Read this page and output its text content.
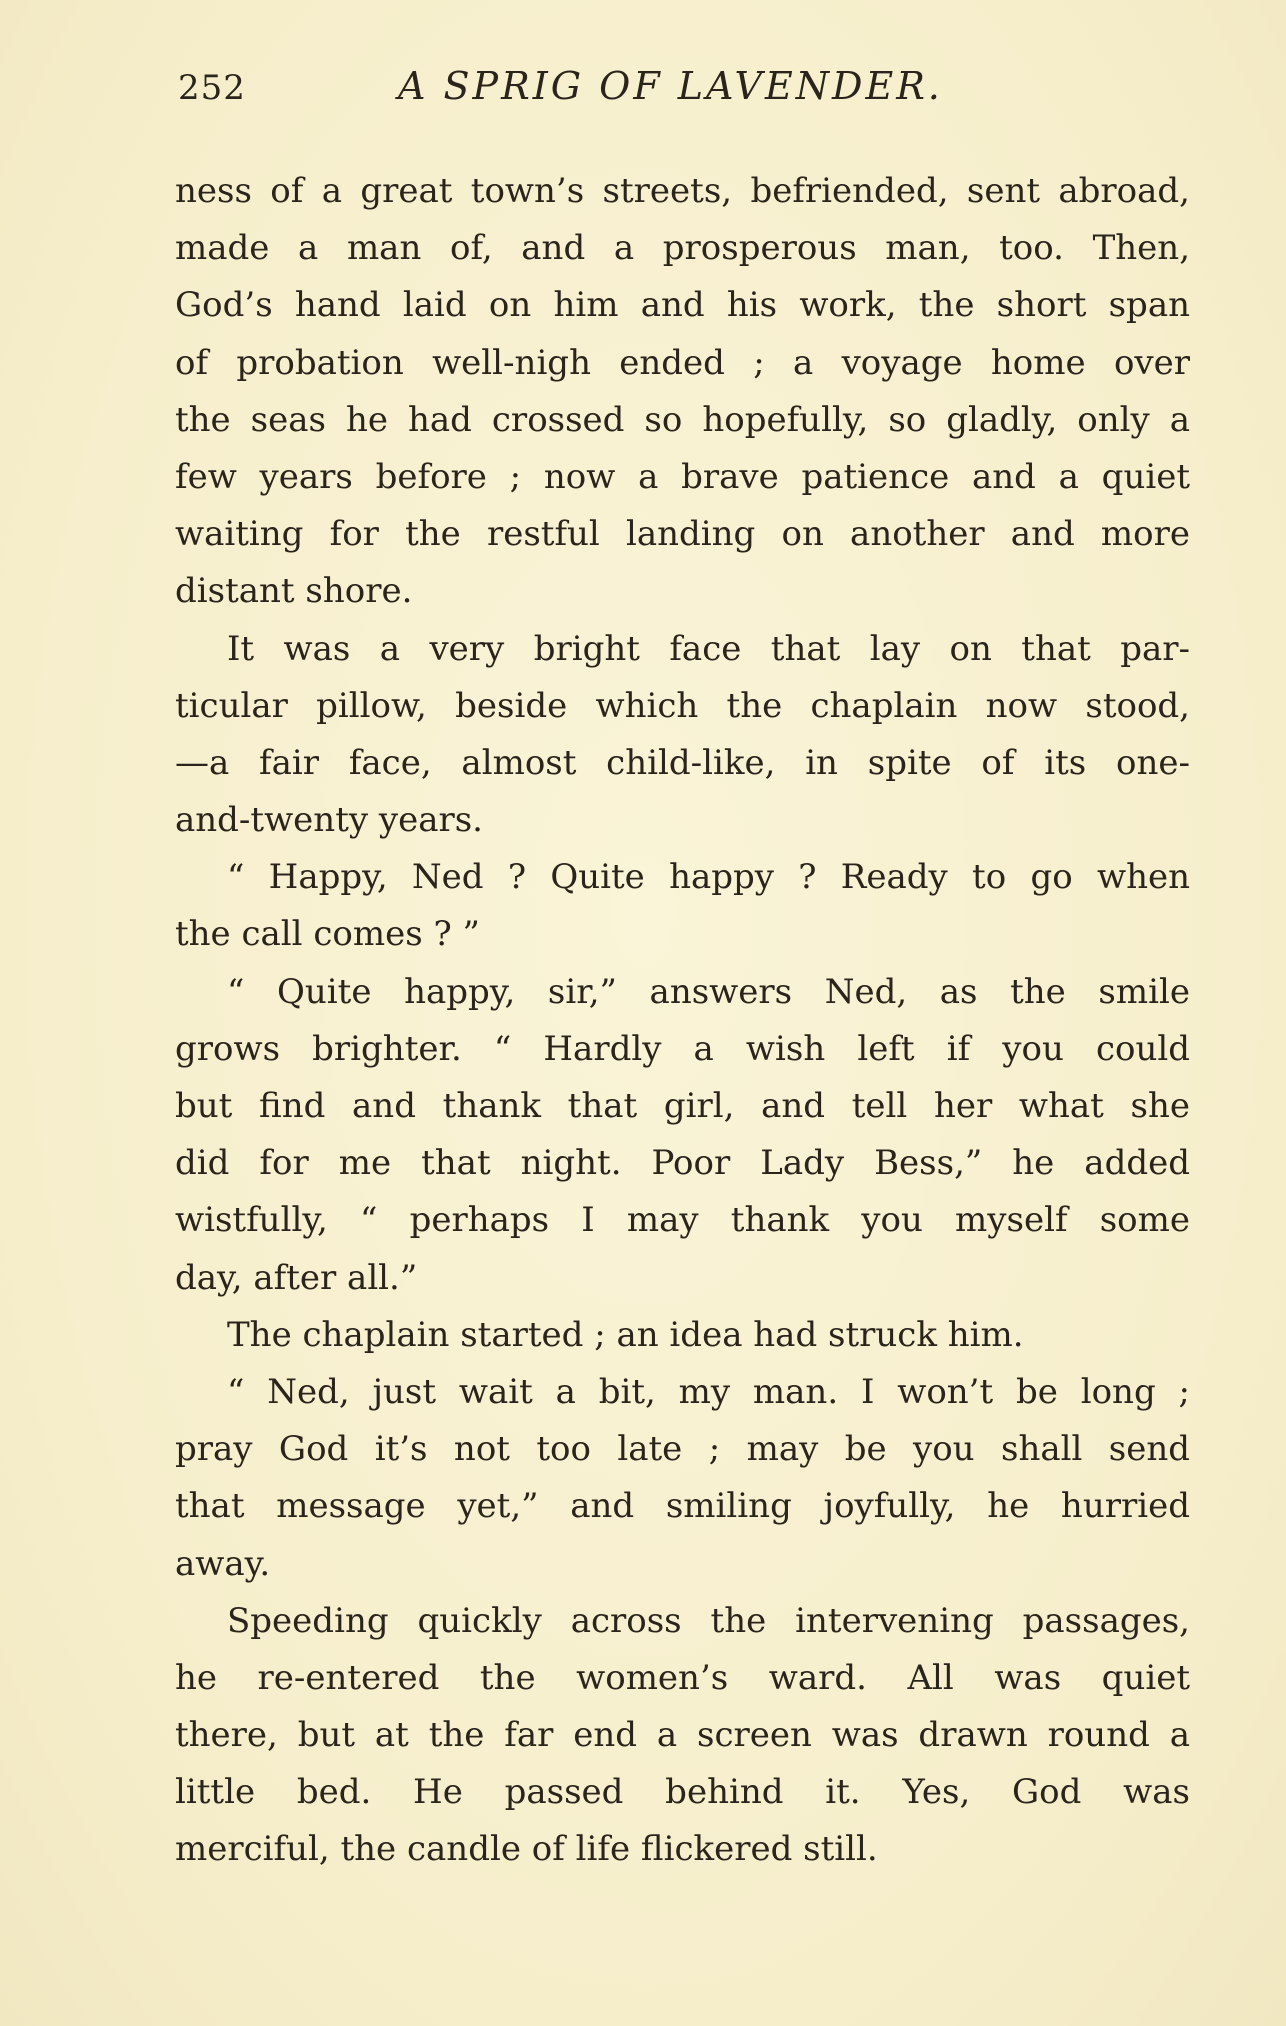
252	A SPRIG OF LAVENDER.
ness of a great town’s streets, befriended, sent abroad,
made a man of, and a prosperous man, too. Then,
God’s hand laid on him and his work, the short span
of probation well-nigh ended ; a voyage home over
the seas he had crossed so hopefully, so gladly, only a
few years before ; now a brave patience and a quiet
waiting for the restful landing on another and more
distant shore.
It was a very bright face that lay on that par-
ticular pillow, beside which the chaplain now stood,
—a fair face, almost child-like, in spite of its one-
and-twenty years.
“ Happy, Ned ? Quite happy ? Ready to go when
the call comes ? ”
“ Quite happy, sir,” answers Ned, as the smile
grows brighter. “ Hardly a wish left if you could
but find and thank that girl, and tell her what she
did for me that night. Poor Lady Bess,” he added
wistfully, “ perhaps I may thank you myself some
day, after all.”
The chaplain started ; an idea had struck him.
“ Ned, just wait a bit, my man. I won’t be long ;
pray God it’s not too late ; may be you shall send
that message yet,” and smiling joyfully, he hurried
away.
Speeding quickly across the intervening passages,
he re-entered the women’s ward. All was quiet
there, but at the far end a screen was drawn round a
little bed. He passed behind it. Yes, God was
merciful, the candle of life flickered still.
